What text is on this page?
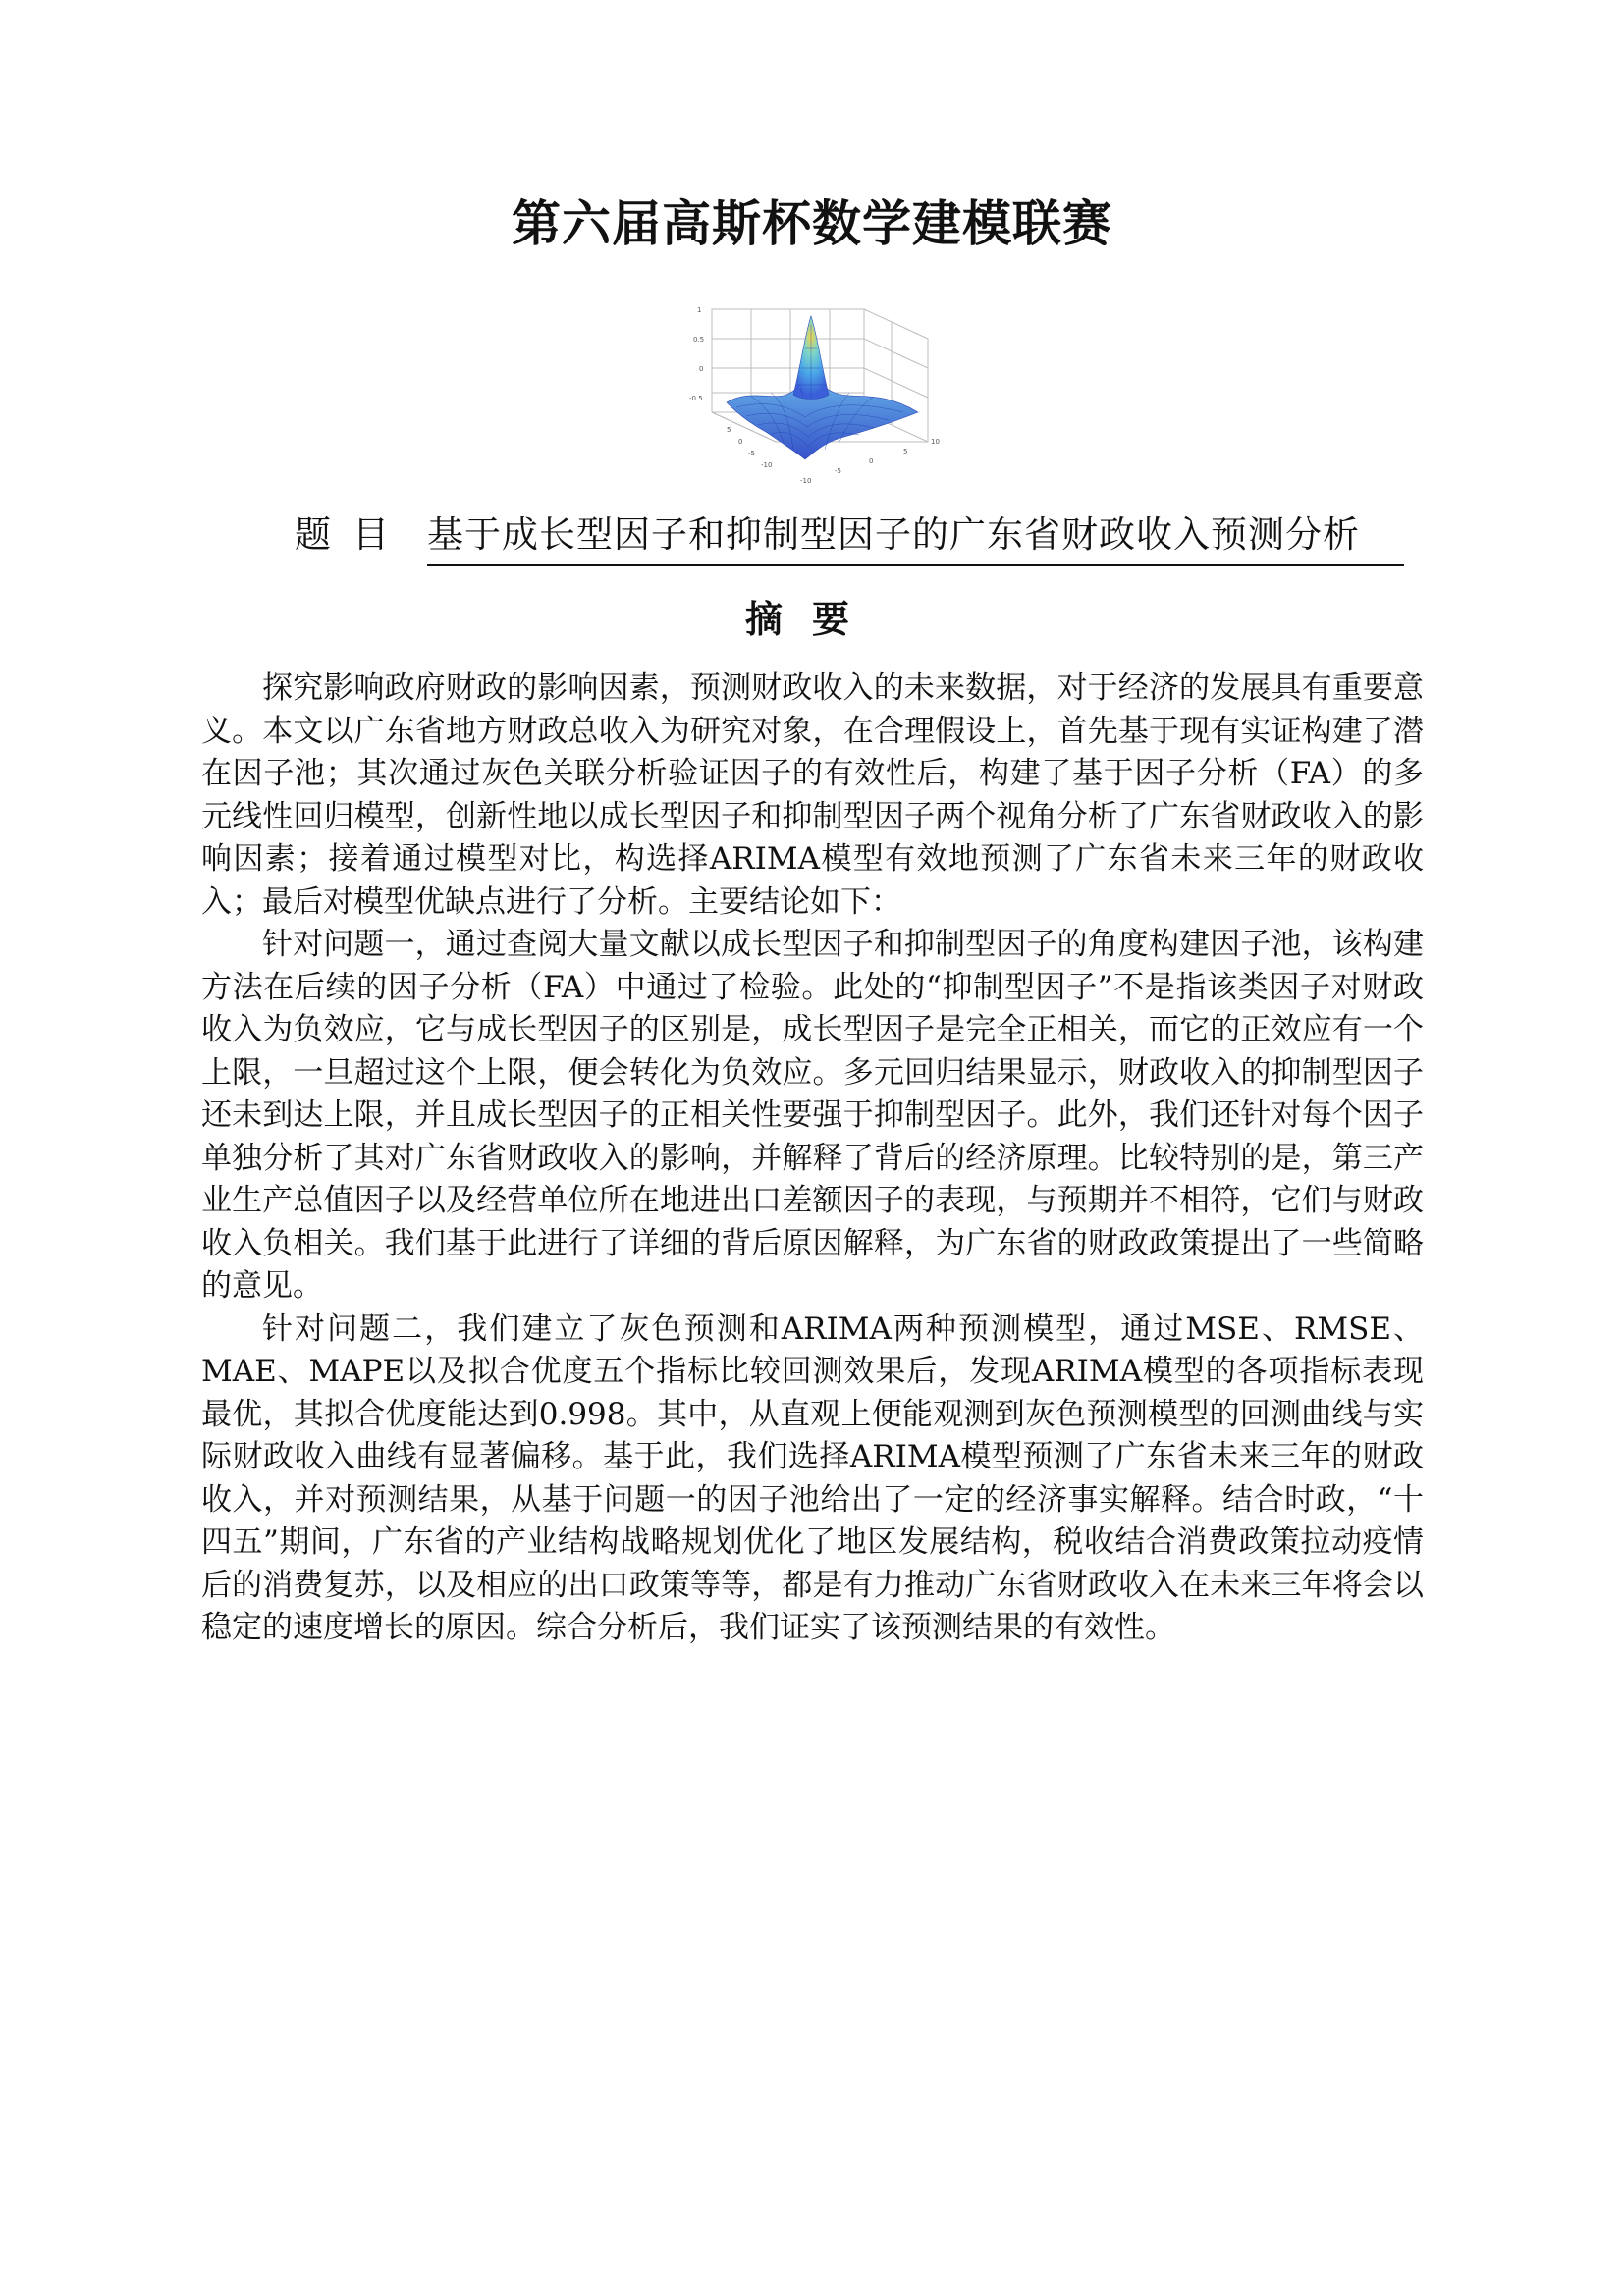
第六届高斯杯数学建模联赛
1
0.5
0
-0.5
5
0
-5
-10
10
5
0
-5
-10
题目 基于成长型因子和抑制型因子的广东省财政收入预测分析
摘要

探究影响政府财政的影响因素，预测财政收入的未来数据，对于经济的发展具有重要意义。本文以广东省地方财政总收入为研究对象，在合理假设上，首先基于现有实证构建了潜在因子池；其次通过灰色关联分析验证因子的有效性后，构建了基于因子分析（FA）的多元线性回归模型，创新性地以成长型因子和抑制型因子两个视角分析了广东省财政收入的影响因素；接着通过模型对比，构选择ARIMA模型有效地预测了广东省未来三年的财政收入；最后对模型优缺点进行了分析。主要结论如下：

针对问题一，通过查阅大量文献以成长型因子和抑制型因子的角度构建因子池，该构建方法在后续的因子分析（FA）中通过了检验。此处的“抑制型因子”不是指该类因子对财政收入为负效应，它与成长型因子的区别是，成长型因子是完全正相关，而它的正效应有一个上限，一旦超过这个上限，便会转化为负效应。多元回归结果显示，财政收入的抑制型因子还未到达上限，并且成长型因子的正相关性要强于抑制型因子。此外，我们还针对每个因子单独分析了其对广东省财政收入的影响，并解释了背后的经济原理。比较特别的是，第三产业生产总值因子以及经营单位所在地进出口差额因子的表现，与预期并不相符，它们与财政收入负相关。我们基于此进行了详细的背后原因解释，为广东省的财政政策提出了一些简略的意见。

针对问题二，我们建立了灰色预测和ARIMA两种预测模型，通过MSE、RMSE、MAE、MAPE以及拟合优度五个指标比较回测效果后，发现ARIMA模型的各项指标表现最优，其拟合优度能达到0.998。其中，从直观上便能观测到灰色预测模型的回测曲线与实际财政收入曲线有显著偏移。基于此，我们选择ARIMA模型预测了广东省未来三年的财政收入，并对预测结果，从基于问题一的因子池给出了一定的经济事实解释。结合时政，“十四五”期间，广东省的产业结构战略规划优化了地区发展结构，税收结合消费政策拉动疫情后的消费复苏，以及相应的出口政策等等，都是有力推动广东省财政收入在未来三年将会以稳定的速度增长的原因。综合分析后，我们证实了该预测结果的有效性。
